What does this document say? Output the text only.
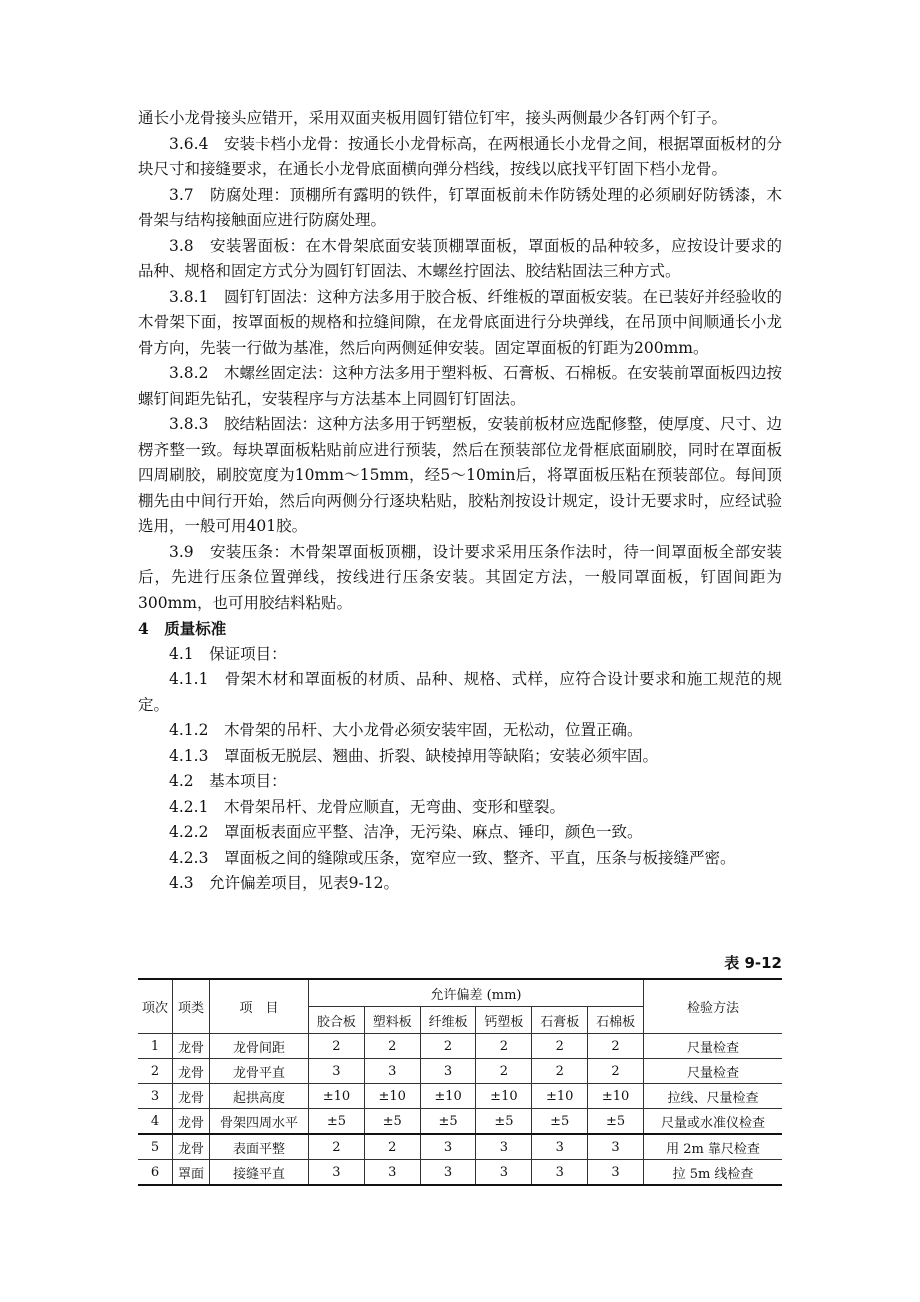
通长小龙骨接头应错开，采用双面夹板用圆钉错位钉牢，接头两侧最少各钉两个钉子。

3.6.4　安装卡档小龙骨：按通长小龙骨标高，在两根通长小龙骨之间，根据罩面板材的分块尺寸和接缝要求，在通长小龙骨底面横向弹分档线，按线以底找平钉固下档小龙骨。

3.7　防腐处理：顶棚所有露明的铁件，钉罩面板前未作防锈处理的必须刷好防锈漆，木骨架与结构接触面应进行防腐处理。

3.8　安装署面板：在木骨架底面安装顶棚罩面板，罩面板的品种较多，应按设计要求的品种、规格和固定方式分为圆钉钉固法、木螺丝拧固法、胶结粘固法三种方式。

3.8.1　圆钉钉固法：这种方法多用于胶合板、纤维板的罩面板安装。在已装好并经验收的木骨架下面，按罩面板的规格和拉缝间隙，在龙骨底面进行分块弹线，在吊顶中间顺通长小龙骨方向，先装一行做为基准，然后向两侧延伸安装。固定罩面板的钉距为200mm。

3.8.2　木螺丝固定法：这种方法多用于塑料板、石膏板、石棉板。在安装前罩面板四边按螺钉间距先钻孔，安装程序与方法基本上同圆钉钉固法。

3.8.3　胶结粘固法：这种方法多用于钙塑板，安装前板材应选配修整，使厚度、尺寸、边楞齐整一致。每块罩面板粘贴前应进行预装，然后在预装部位龙骨框底面刷胶，同时在罩面板四周刷胶，刷胶宽度为10mm～15mm，经5～10min后，将罩面板压粘在预装部位。每间顶棚先由中间行开始，然后向两侧分行逐块粘贴，胶粘剂按设计规定，设计无要求时，应经试验选用，一般可用401胶。

3.9　安装压条：木骨架罩面板顶棚，设计要求采用压条作法时，待一间罩面板全部安装后，先进行压条位置弹线，按线进行压条安装。其固定方法，一般同罩面板，钉固间距为300mm，也可用胶结料粘贴。

4　质量标准

4.1　保证项目：

4.1.1　骨架木材和罩面板的材质、品种、规格、式样，应符合设计要求和施工规范的规定。

4.1.2　木骨架的吊杆、大小龙骨必须安装牢固，无松动，位置正确。

4.1.3　罩面板无脱层、翘曲、折裂、缺棱掉用等缺陷；安装必须牢固。

4.2　基本项目：

4.2.1　木骨架吊杆、龙骨应顺直，无弯曲、变形和壁裂。

4.2.2　罩面板表面应平整、洁净，无污染、麻点、锤印，颜色一致。

4.2.3　罩面板之间的缝隙或压条，宽窄应一致、整齐、平直，压条与板接缝严密。

4.3　允许偏差项目，见表9-12。

表 9-12
项次	项类	项　目	允许偏差 (mm)						检验方法
			胶合板	塑料板	纤维板	钙塑板	石膏板	石棉板	
1	龙骨	龙骨间距	2	2	2	2	2	2	尺量检查
2	龙骨	龙骨平直	3	3	3	2	2	2	尺量检查
3	龙骨	起拱高度	±10	±10	±10	±10	±10	±10	拉线、尺量检查
4	龙骨	骨架四周水平	±5	±5	±5	±5	±5	±5	尺量或水准仪检查
5	龙骨	表面平整	2	2	3	3	3	3	用 2m 靠尺检查
6	罩面	接缝平直	3	3	3	3	3	3	拉 5m 线检查
